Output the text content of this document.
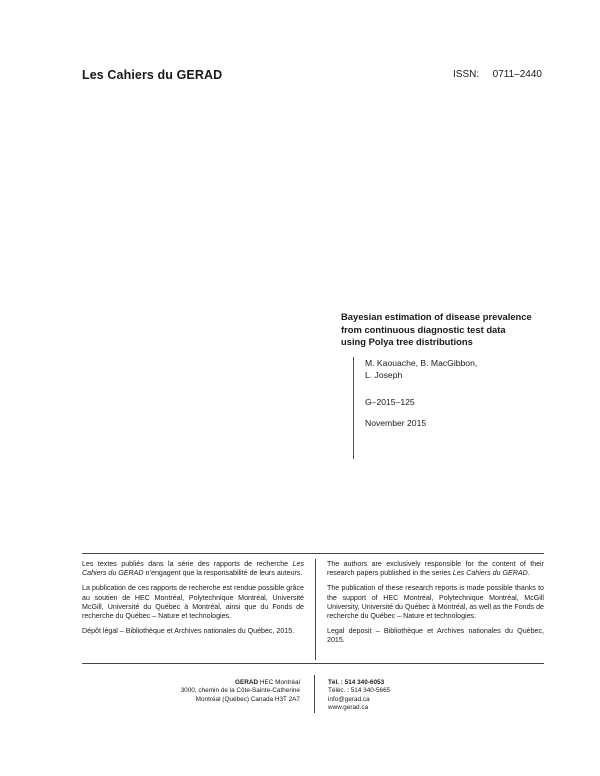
Les Cahiers du GERAD	ISSN:  0711–2440
Bayesian estimation of disease prevalence
from continuous diagnostic test data
using Polya tree distributions
M. Kaouache, B. MacGibbon,
L. Joseph
G–2015–125
November 2015

Les textes publiés dans la série des rapports de recherche Les Cahiers du GERAD n’engagent que la responsabilité de leurs auteurs.

La publication de ces rapports de recherche est rendue possible grâce au soutien de HEC Montréal, Polytechnique Montréal, Université McGill, Université du Québec à Montréal, ainsi que du Fonds de recherche du Québec – Nature et technologies.

Dépôt légal – Bibliothèque et Archives nationales du Québec, 2015.

The authors are exclusively responsible for the content of their research papers published in the series Les Cahiers du GERAD.

The publication of these research reports is made possible thanks to the support of HEC Montréal, Polytechnique Montréal, McGill University, Université du Québec à Montréal, as well as the Fonds de recherche du Québec – Nature et technologies.

Legal deposit – Bibliothèque et Archives nationales du Québec, 2015.

GERAD HEC Montréal
3000, chemin de la Côte-Sainte-Catherine
Montréal (Québec) Canada H3T 2A7
Tél. : 514 340-6053
Téléc. : 514 340-5665
info@gerad.ca
www.gerad.ca
